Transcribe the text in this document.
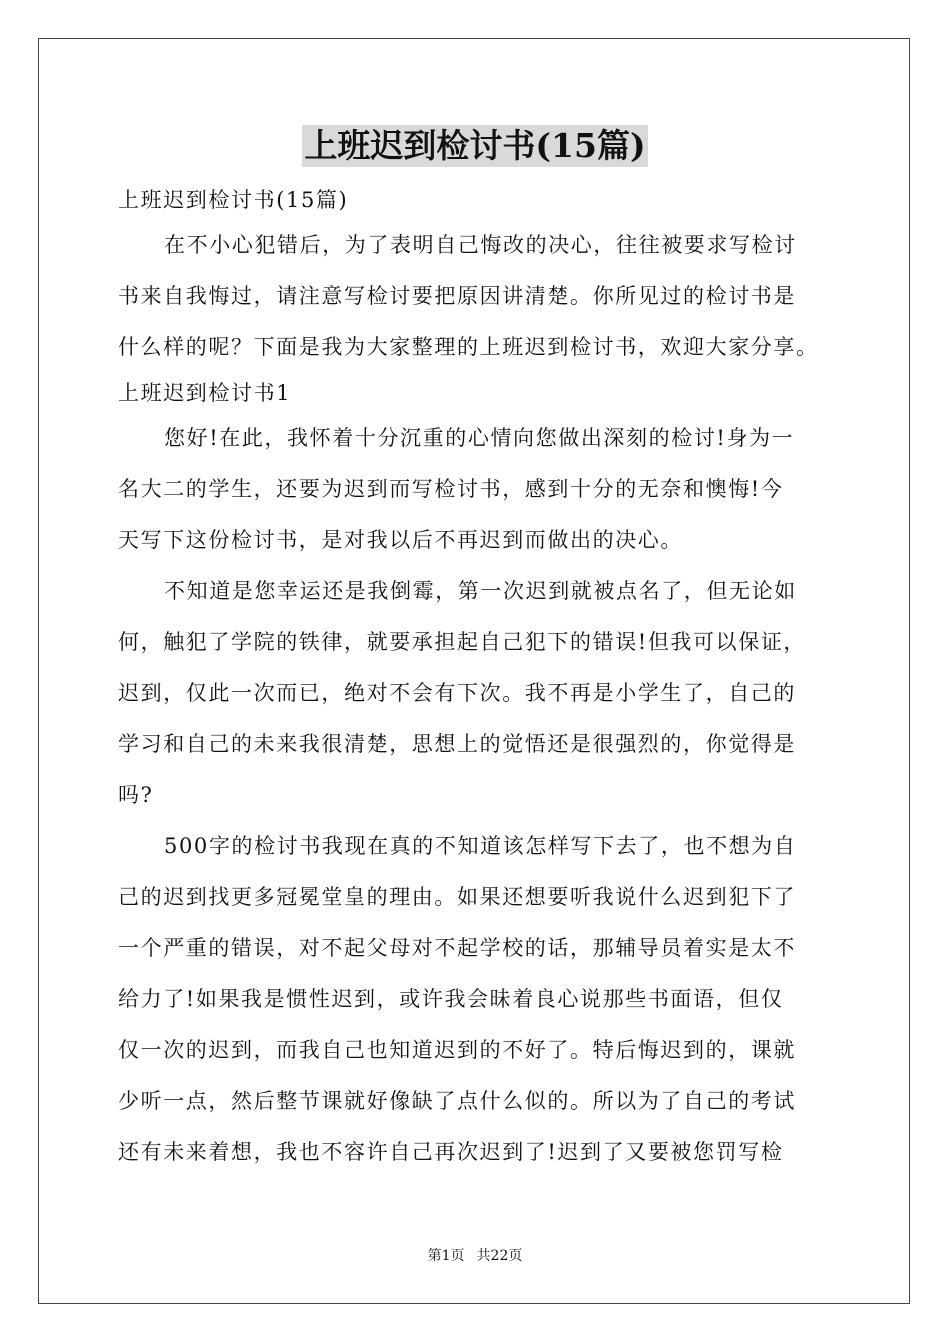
上班迟到检讨书(15篇)
上班迟到检讨书(15篇)
在不小心犯错后，为了表明自己悔改的决心，往往被要求写检讨
书来自我悔过，请注意写检讨要把原因讲清楚。你所见过的检讨书是
什么样的呢？下面是我为大家整理的上班迟到检讨书，欢迎大家分享。
上班迟到检讨书1
您好!在此，我怀着十分沉重的心情向您做出深刻的检讨!身为一
名大二的学生，还要为迟到而写检讨书，感到十分的无奈和懊悔!今
天写下这份检讨书，是对我以后不再迟到而做出的决心。
不知道是您幸运还是我倒霉，第一次迟到就被点名了，但无论如
何，触犯了学院的铁律，就要承担起自己犯下的错误!但我可以保证，
迟到，仅此一次而已，绝对不会有下次。我不再是小学生了，自己的
学习和自己的未来我很清楚，思想上的觉悟还是很强烈的，你觉得是
吗?
500字的检讨书我现在真的不知道该怎样写下去了，也不想为自
己的迟到找更多冠冕堂皇的理由。如果还想要听我说什么迟到犯下了
一个严重的错误，对不起父母对不起学校的话，那辅导员着实是太不
给力了!如果我是惯性迟到，或许我会昧着良心说那些书面语，但仅
仅一次的迟到，而我自己也知道迟到的不好了。特后悔迟到的，课就
少听一点，然后整节课就好像缺了点什么似的。所以为了自己的考试
还有未来着想，我也不容许自己再次迟到了!迟到了又要被您罚写检
第1页 共22页
